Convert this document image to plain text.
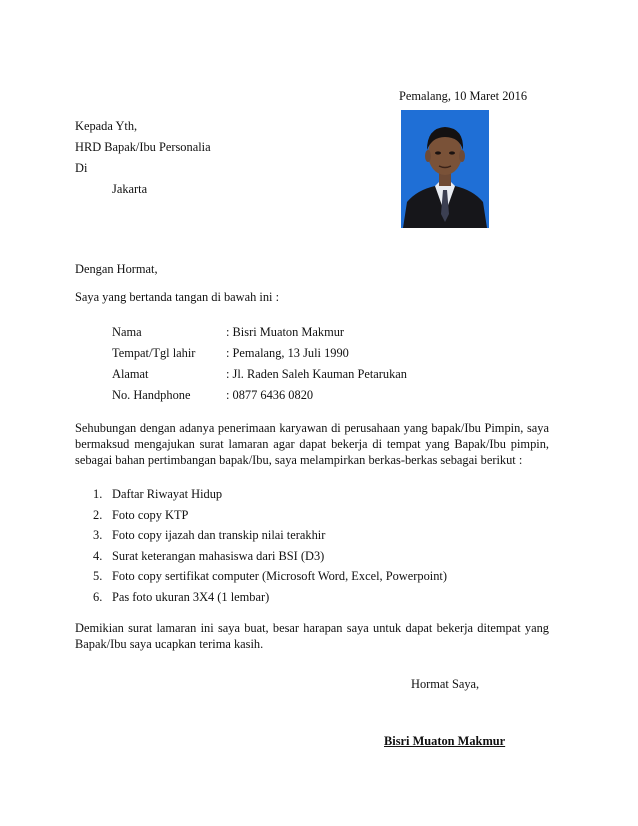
Pemalang, 10 Maret 2016
Kepada Yth,
HRD Bapak/Ibu Personalia
Di
Jakarta
Dengan Hormat,
Saya yang bertanda tangan di bawah ini :
Nama	: Bisri Muaton Makmur
Tempat/Tgl lahir : Pemalang, 13 Juli 1990
Alamat	: Jl. Raden Saleh Kauman Petarukan
No. Handphone	: 0877 6436 0820
Sehubungan dengan adanya penerimaan karyawan di perusahaan yang bapak/Ibu Pimpin, saya bermaksud mengajukan surat lamaran agar dapat bekerja di tempat yang Bapak/Ibu pimpin, sebagai bahan pertimbangan bapak/Ibu, saya melampirkan berkas-berkas sebagai berikut :
1. Daftar Riwayat Hidup
2. Foto copy KTP
3. Foto copy ijazah dan transkip nilai terakhir
4. Surat keterangan mahasiswa dari BSI (D3)
5. Foto copy sertifikat computer (Microsoft Word, Excel, Powerpoint)
6. Pas foto ukuran 3X4 (1 lembar)
Demikian surat lamaran ini saya buat, besar harapan saya untuk dapat bekerja ditempat yang Bapak/Ibu saya ucapkan terima kasih.
Hormat Saya,
Bisri Muaton Makmur
